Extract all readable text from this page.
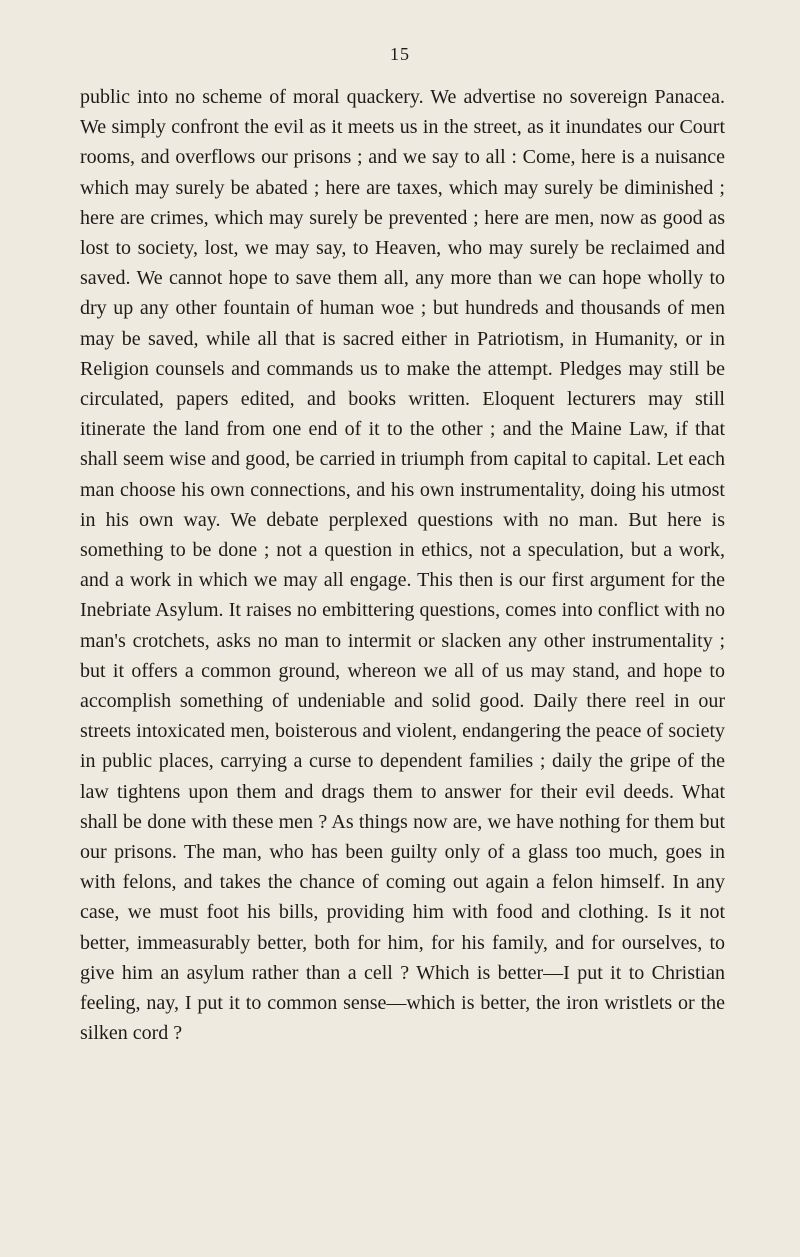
15

public into no scheme of moral quackery. We advertise no sovereign Panacea. We simply confront the evil as it meets us in the street, as it inundates our Court rooms, and overflows our prisons ; and we say to all : Come, here is a nuisance which may surely be abated ; here are taxes, which may surely be diminished ; here are crimes, which may surely be prevented ; here are men, now as good as lost to society, lost, we may say, to Heaven, who may surely be reclaimed and saved. We cannot hope to save them all, any more than we can hope wholly to dry up any other fountain of human woe ; but hundreds and thousands of men may be saved, while all that is sacred either in Patriotism, in Humanity, or in Religion counsels and commands us to make the attempt. Pledges may still be circulated, papers edited, and books written. Eloquent lecturers may still itinerate the land from one end of it to the other ; and the Maine Law, if that shall seem wise and good, be carried in triumph from capital to capital. Let each man choose his own connections, and his own instrumentality, doing his utmost in his own way. We debate perplexed questions with no man. But here is something to be done ; not a question in ethics, not a speculation, but a work, and a work in which we may all engage. This then is our first argument for the Inebriate Asylum. It raises no embittering questions, comes into conflict with no man's crotchets, asks no man to intermit or slacken any other instrumentality ; but it offers a common ground, whereon we all of us may stand, and hope to accomplish something of undeniable and solid good. Daily there reel in our streets intoxicated men, boisterous and violent, endangering the peace of society in public places, carrying a curse to dependent families ; daily the gripe of the law tightens upon them and drags them to answer for their evil deeds. What shall be done with these men ? As things now are, we have nothing for them but our prisons. The man, who has been guilty only of a glass too much, goes in with felons, and takes the chance of coming out again a felon himself. In any case, we must foot his bills, providing him with food and clothing. Is it not better, immeasurably better, both for him, for his family, and for ourselves, to give him an asylum rather than a cell ? Which is better—I put it to Christian feeling, nay, I put it to common sense—which is better, the iron wristlets or the silken cord ?
